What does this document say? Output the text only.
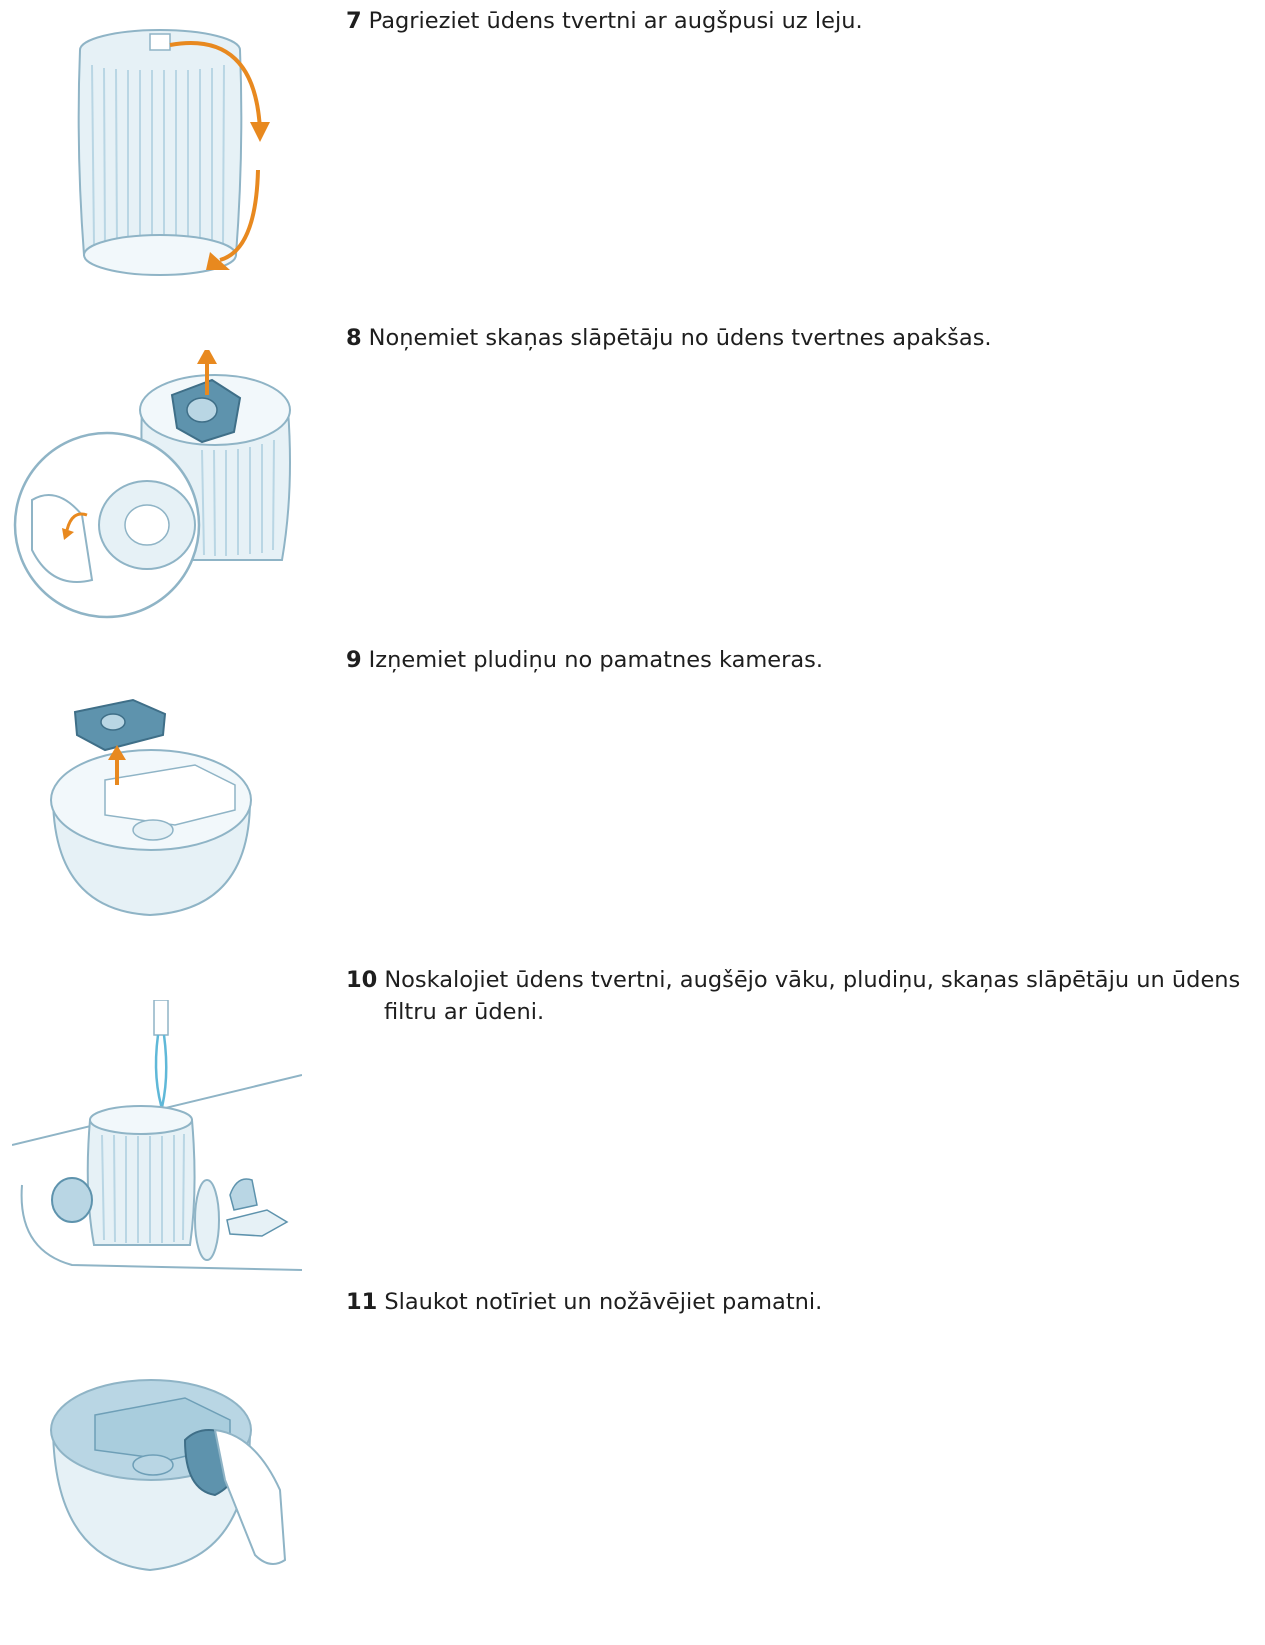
7 Pagrieziet ūdens tvertni ar augšpusi uz leju.
8 Noņemiet skaņas slāpētāju no ūdens tvertnes apakšas.
9 Izņemiet pludiņu no pamatnes kameras.
10 Noskalojiet ūdens tvertni, augšējo vāku, pludiņu, skaņas slāpētāju un ūdens
filtru ar ūdeni.
11 Slaukot notīriet un nožāvējiet pamatni.
